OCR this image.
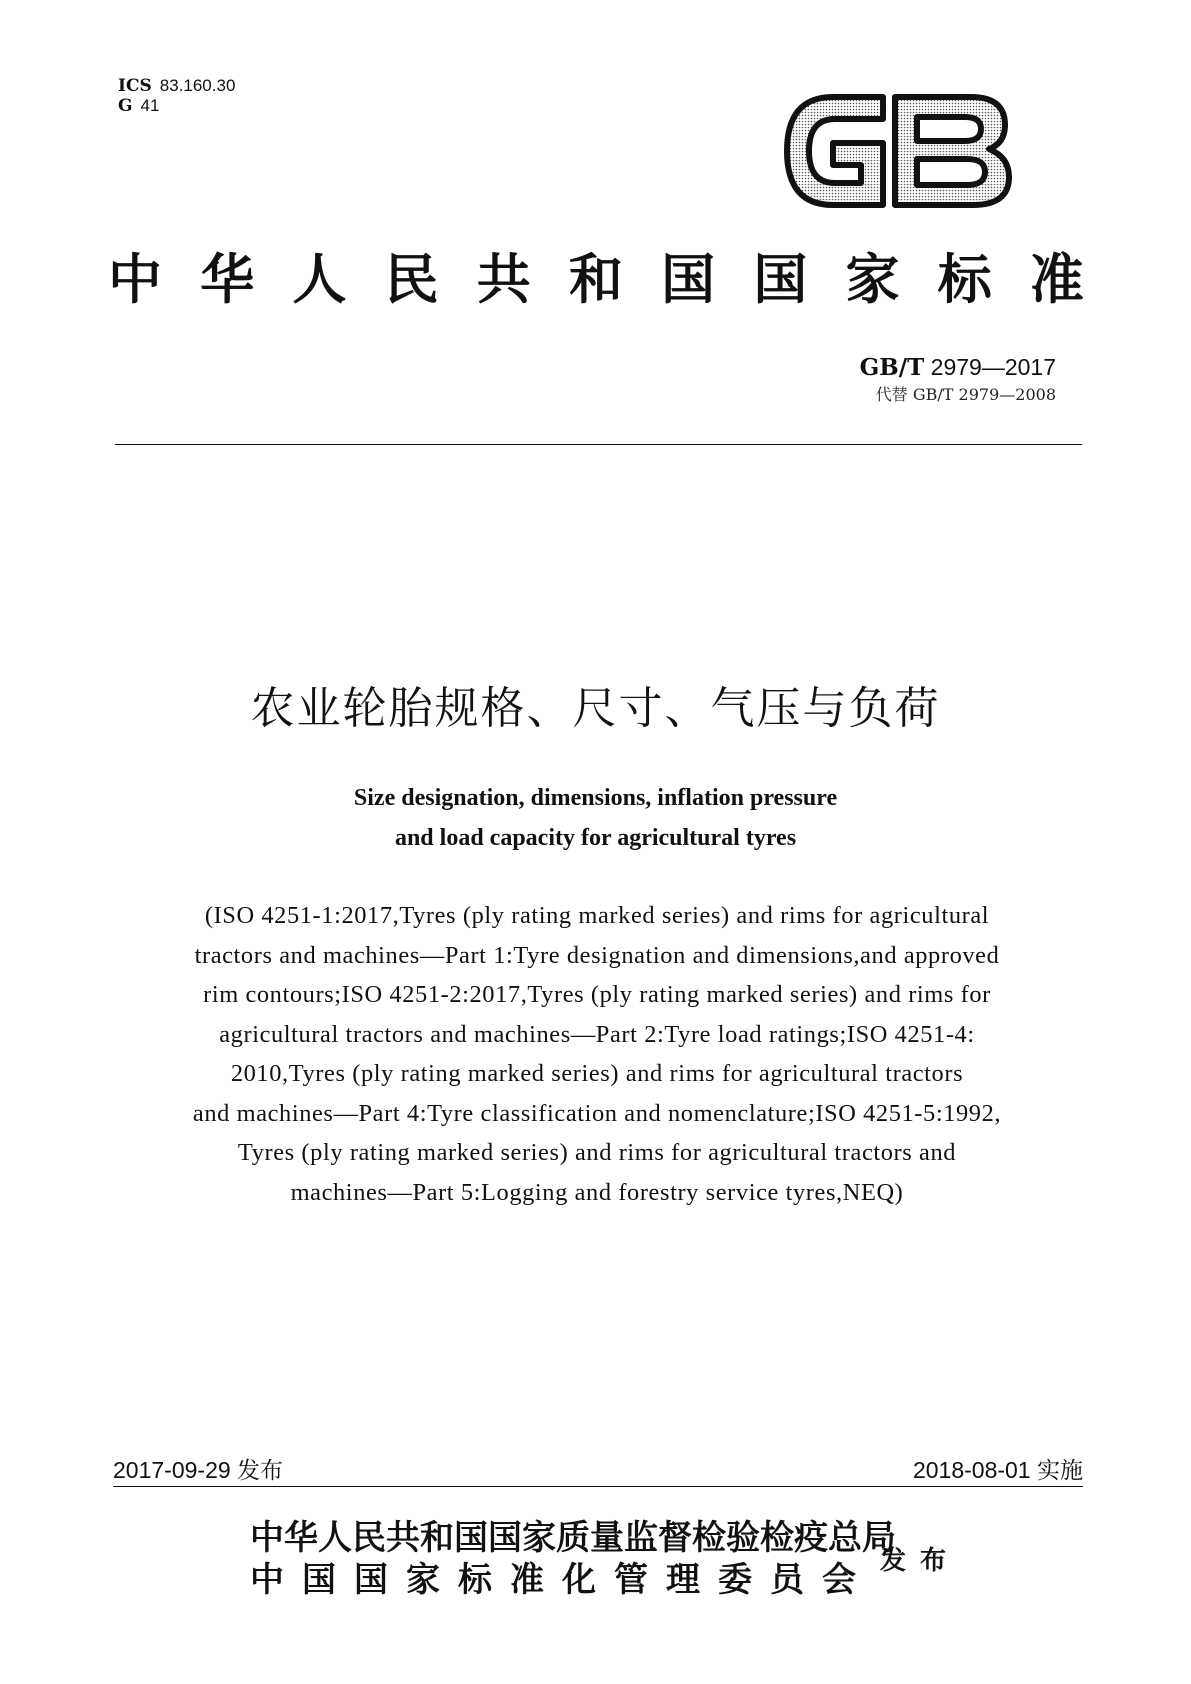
ICS 83.160.30
G 41
中 华 人 民 共 和 国 国 家 标 准
GB/T 2979—2017
代替 GB/T 2979—2008
农业轮胎规格、尺寸、气压与负荷
Size designation, dimensions, inflation pressure
and load capacity for agricultural tyres
(ISO 4251-1:2017,Tyres (ply rating marked series) and rims for agricultural
tractors and machines—Part 1:Tyre designation and dimensions,and approved
rim contours;ISO 4251-2:2017,Tyres (ply rating marked series) and rims for
agricultural tractors and machines—Part 2:Tyre load ratings;ISO 4251-4:
2010,Tyres (ply rating marked series) and rims for agricultural tractors
and machines—Part 4:Tyre classification and nomenclature;ISO 4251-5:1992,
Tyres (ply rating marked series) and rims for agricultural tractors and
machines—Part 5:Logging and forestry service tyres,NEQ)
2017-09-29 发布	2018-08-01 实施
中 华 人 民 共 和 国 国 家 质 量 监 督 检 验 检 疫 总 局
中 国 国 家 标 准 化 管 理 委 员 会 发布
